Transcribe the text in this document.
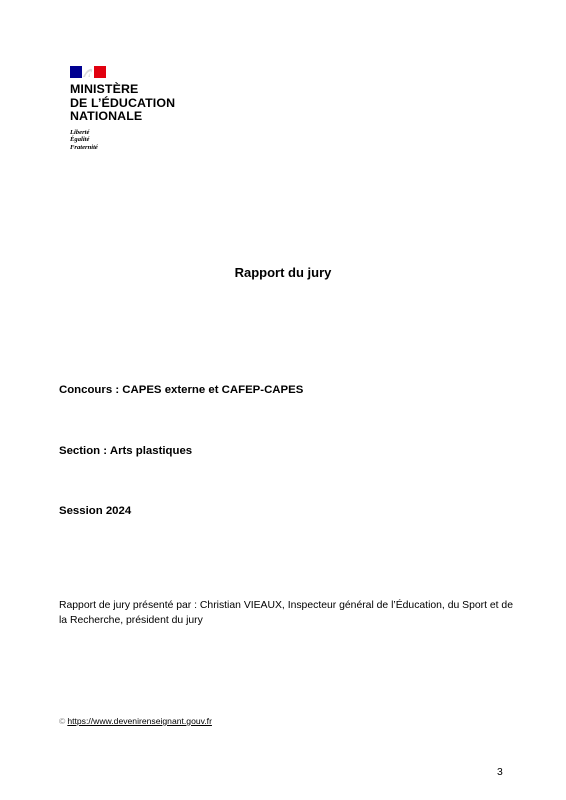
MINISTÈRE
DE L’ÉDUCATION
NATIONALE
Liberté
Égalité
Fraternité
Rapport du jury
Concours : CAPES externe et CAFEP-CAPES
Section : Arts plastiques
Session 2024
Rapport de jury présenté par : Christian VIEAUX, Inspecteur général de l’Éducation, du Sport et de la Recherche, président du jury
© https://www.devenirenseignant.gouv.fr
3
